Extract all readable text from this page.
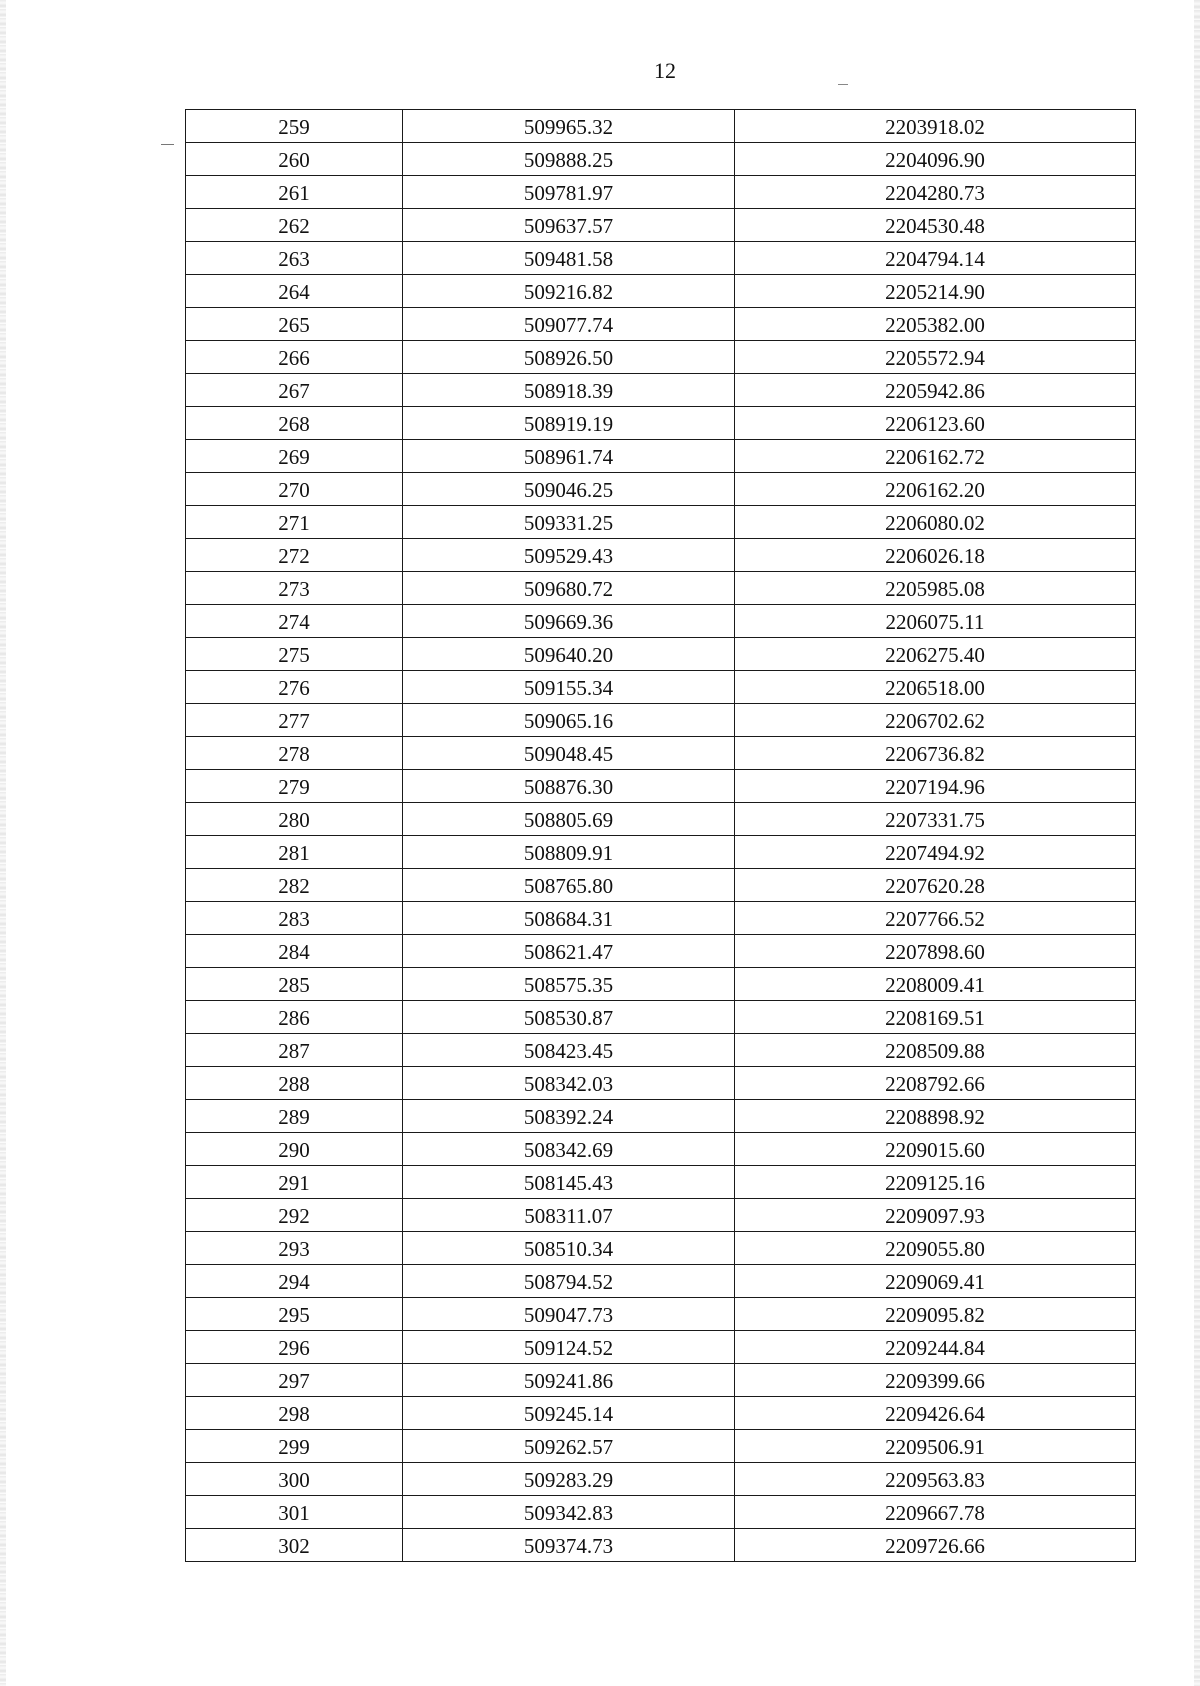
12
259	509965.32	2203918.02
260	509888.25	2204096.90
261	509781.97	2204280.73
262	509637.57	2204530.48
263	509481.58	2204794.14
264	509216.82	2205214.90
265	509077.74	2205382.00
266	508926.50	2205572.94
267	508918.39	2205942.86
268	508919.19	2206123.60
269	508961.74	2206162.72
270	509046.25	2206162.20
271	509331.25	2206080.02
272	509529.43	2206026.18
273	509680.72	2205985.08
274	509669.36	2206075.11
275	509640.20	2206275.40
276	509155.34	2206518.00
277	509065.16	2206702.62
278	509048.45	2206736.82
279	508876.30	2207194.96
280	508805.69	2207331.75
281	508809.91	2207494.92
282	508765.80	2207620.28
283	508684.31	2207766.52
284	508621.47	2207898.60
285	508575.35	2208009.41
286	508530.87	2208169.51
287	508423.45	2208509.88
288	508342.03	2208792.66
289	508392.24	2208898.92
290	508342.69	2209015.60
291	508145.43	2209125.16
292	508311.07	2209097.93
293	508510.34	2209055.80
294	508794.52	2209069.41
295	509047.73	2209095.82
296	509124.52	2209244.84
297	509241.86	2209399.66
298	509245.14	2209426.64
299	509262.57	2209506.91
300	509283.29	2209563.83
301	509342.83	2209667.78
302	509374.73	2209726.66
